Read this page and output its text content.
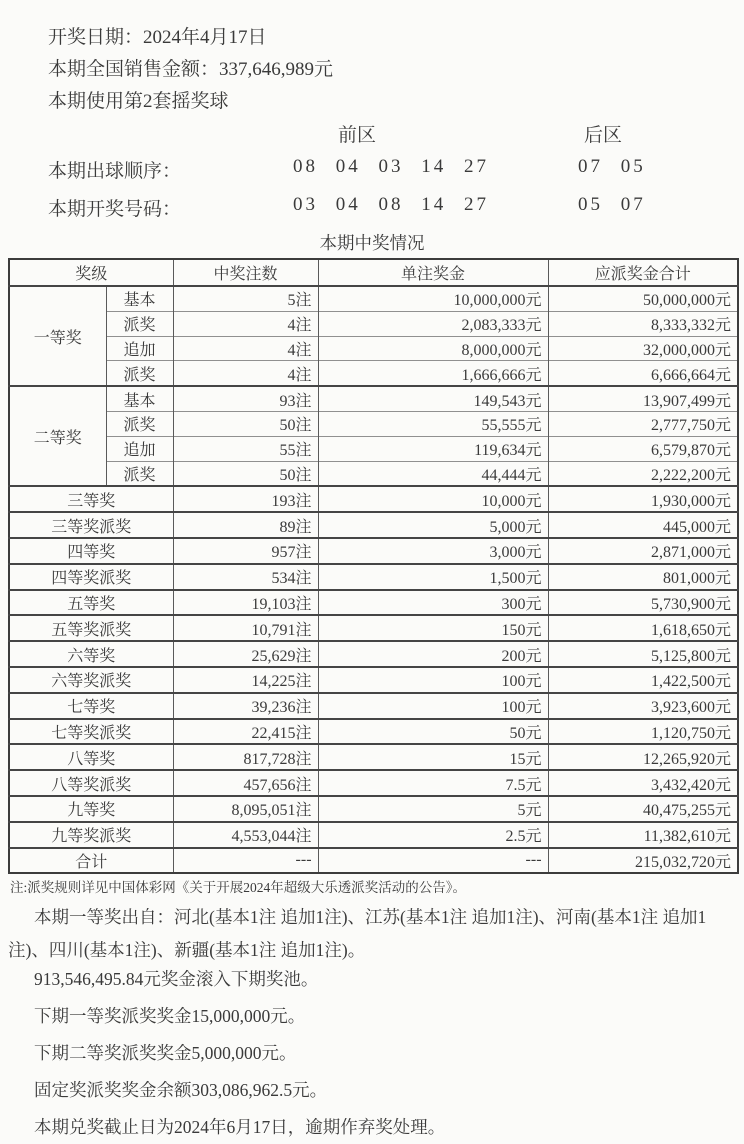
开奖日期：2024年4月17日
本期全国销售金额：337,646,989元
本期使用第2套摇奖球
前区	后区
本期出球顺序：	08 04 03 14 27	07 05
本期开奖号码：	03 04 08 14 27	05 07
本期中奖情况
奖级		中奖注数	单注奖金	应派奖金合计
一等奖	基本	5注	10,000,000元	50,000,000元
	派奖	4注	2,083,333元	8,333,332元
	追加	4注	8,000,000元	32,000,000元
	派奖	4注	1,666,666元	6,666,664元
二等奖	基本	93注	149,543元	13,907,499元
	派奖	50注	55,555元	2,777,750元
	追加	55注	119,634元	6,579,870元
	派奖	50注	44,444元	2,222,200元
三等奖		193注	10,000元	1,930,000元
三等奖派奖		89注	5,000元	445,000元
四等奖		957注	3,000元	2,871,000元
四等奖派奖		534注	1,500元	801,000元
五等奖		19,103注	300元	5,730,900元
五等奖派奖		10,791注	150元	1,618,650元
六等奖		25,629注	200元	5,125,800元
六等奖派奖		14,225注	100元	1,422,500元
七等奖		39,236注	100元	3,923,600元
七等奖派奖		22,415注	50元	1,120,750元
八等奖		817,728注	15元	12,265,920元
八等奖派奖		457,656注	7.5元	3,432,420元
九等奖		8,095,051注	5元	40,475,255元
九等奖派奖		4,553,044注	2.5元	11,382,610元
合计		---	---	215,032,720元
注:派奖规则详见中国体彩网《关于开展2024年超级大乐透派奖活动的公告》。

本期一等奖出自：河北(基本1注 追加1注)、江苏(基本1注 追加1注)、河南(基本1注 追加1注)、四川(基本1注)、新疆(基本1注 追加1注)。

913,546,495.84元奖金滚入下期奖池。

下期一等奖派奖奖金15,000,000元。

下期二等奖派奖奖金5,000,000元。

固定奖派奖奖金余额303,086,962.5元。

本期兑奖截止日为2024年6月17日，逾期作弃奖处理。
